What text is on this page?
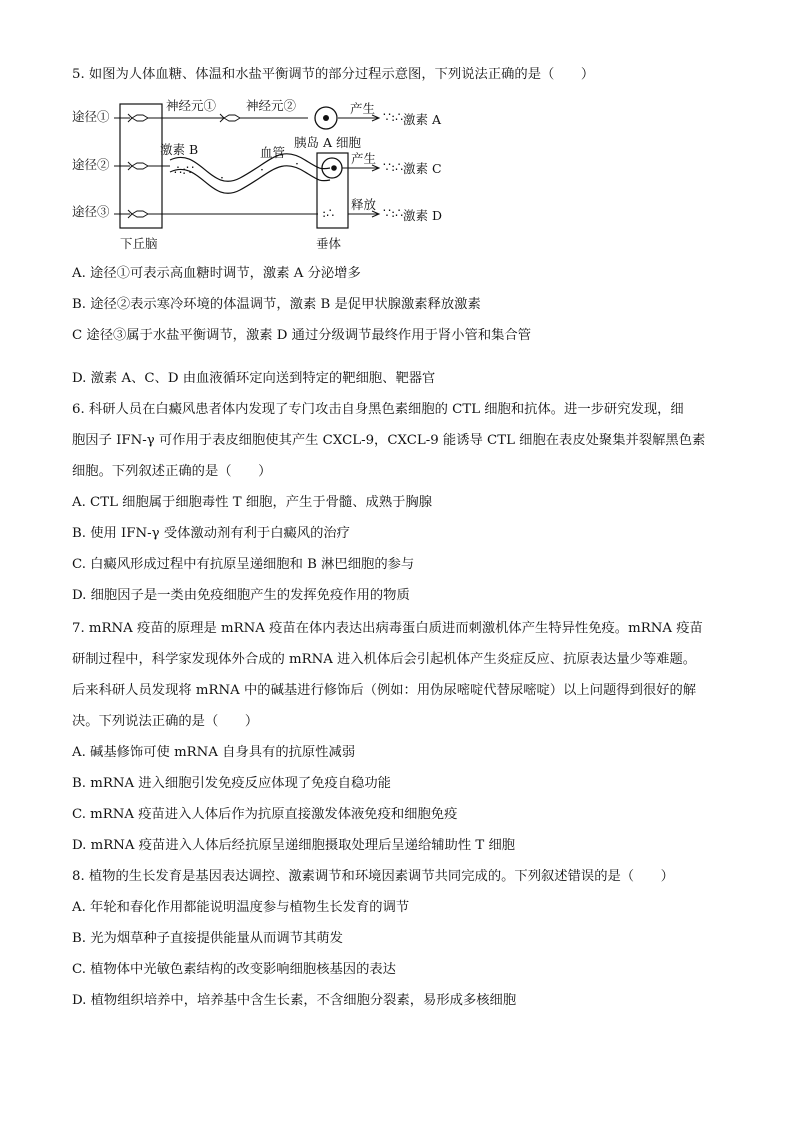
5. 如图为人体血糖、体温和水盐平衡调节的部分过程示意图，下列说法正确的是（　　）
途径①
途径②
途径③
神经元① 神经元②
胰岛 A 细胞
产生
∵:∴ 激素 A
激素 B
∴:∵
·
· ·
血管	产生
∵:∴ 激素 C
:∴
释放
∵:∴ 激素 D
下丘脑	垂体
A. 途径①可表示高血糖时调节，激素 A 分泌增多
B. 途径②表示寒冷环境的体温调节，激素 B 是促甲状腺激素释放激素
C 途径③属于水盐平衡调节，激素 D 通过分级调节最终作用于肾小管和集合管
D. 激素 A、C、D 由血液循环定向送到特定的靶细胞、靶器官
6. 科研人员在白癜风患者体内发现了专门攻击自身黑色素细胞的 CTL 细胞和抗体。进一步研究发现，细
胞因子 IFN-γ 可作用于表皮细胞使其产生 CXCL-9，CXCL-9 能诱导 CTL 细胞在表皮处聚集并裂解黑色素
细胞。下列叙述正确的是（　　）
A. CTL 细胞属于细胞毒性 T 细胞，产生于骨髓、成熟于胸腺
B. 使用 IFN-γ 受体激动剂有利于白癜风的治疗
C. 白癜风形成过程中有抗原呈递细胞和 B 淋巴细胞的参与
D. 细胞因子是一类由免疫细胞产生的发挥免疫作用的物质
7. mRNA 疫苗的原理是 mRNA 疫苗在体内表达出病毒蛋白质进而刺激机体产生特异性免疫。mRNA 疫苗
研制过程中，科学家发现体外合成的 mRNA 进入机体后会引起机体产生炎症反应、抗原表达量少等难题。
后来科研人员发现将 mRNA 中的碱基进行修饰后（例如：用伪尿嘧啶代替尿嘧啶）以上问题得到很好的解
决。下列说法正确的是（　　）
A. 碱基修饰可使 mRNA 自身具有的抗原性减弱
B. mRNA 进入细胞引发免疫反应体现了免疫自稳功能
C. mRNA 疫苗进入人体后作为抗原直接激发体液免疫和细胞免疫
D. mRNA 疫苗进入人体后经抗原呈递细胞摄取处理后呈递给辅助性 T 细胞
8. 植物的生长发育是基因表达调控、激素调节和环境因素调节共同完成的。下列叙述错误的是（　　）
A. 年轮和春化作用都能说明温度参与植物生长发育的调节
B. 光为烟草种子直接提供能量从而调节其萌发
C. 植物体中光敏色素结构的改变影响细胞核基因的表达
D. 植物组织培养中，培养基中含生长素，不含细胞分裂素，易形成多核细胞
